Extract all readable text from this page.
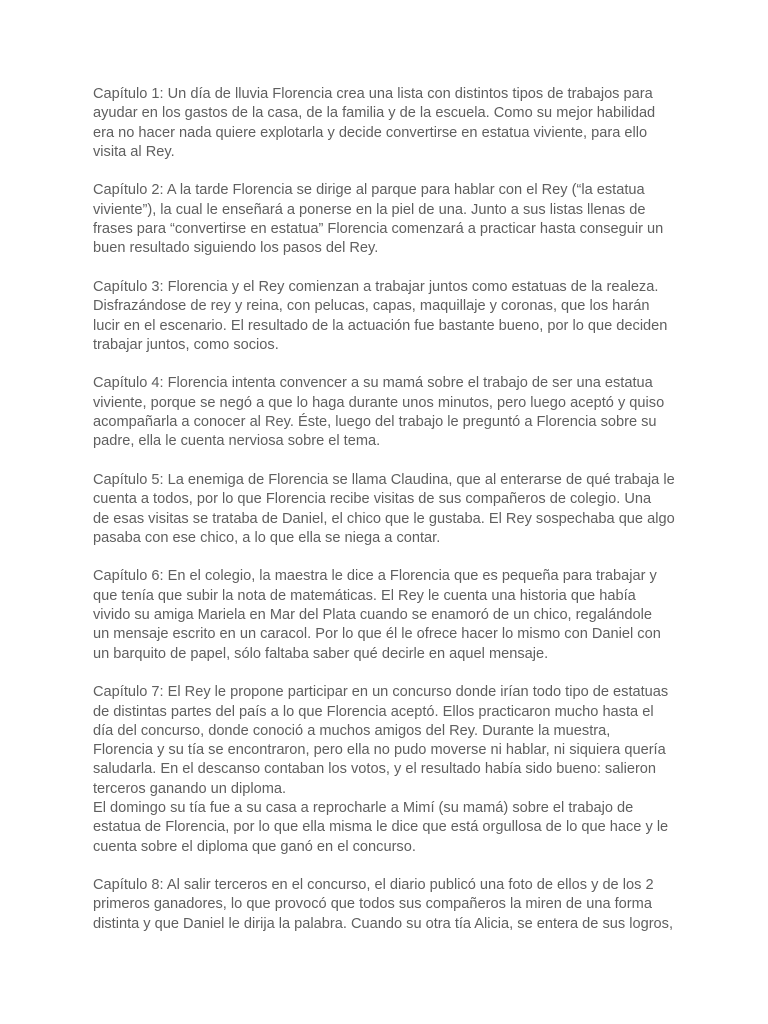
Capítulo 1: Un día de lluvia Florencia crea una lista con distintos tipos de trabajos para
ayudar en los gastos de la casa, de la familia y de la escuela. Como su mejor habilidad
era no hacer nada quiere explotarla y decide convertirse en estatua viviente, para ello
visita al Rey.

Capítulo 2: A la tarde Florencia se dirige al parque para hablar con el Rey (“la estatua
viviente”), la cual le enseñará a ponerse en la piel de una. Junto a sus listas llenas de
frases para “convertirse en estatua” Florencia comenzará a practicar hasta conseguir un
buen resultado siguiendo los pasos del Rey.

Capítulo 3: Florencia y el Rey comienzan a trabajar juntos como estatuas de la realeza.
Disfrazándose de rey y reina, con pelucas, capas, maquillaje y coronas, que los harán
lucir en el escenario. El resultado de la actuación fue bastante bueno, por lo que deciden
trabajar juntos, como socios.

Capítulo 4: Florencia intenta convencer a su mamá sobre el trabajo de ser una estatua
viviente, porque se negó a que lo haga durante unos minutos, pero luego aceptó y quiso
acompañarla a conocer al Rey. Éste, luego del trabajo le preguntó a Florencia sobre su
padre, ella le cuenta nerviosa sobre el tema.

Capítulo 5: La enemiga de Florencia se llama Claudina, que al enterarse de qué trabaja le
cuenta a todos, por lo que Florencia recibe visitas de sus compañeros de colegio. Una
de esas visitas se trataba de Daniel, el chico que le gustaba. El Rey sospechaba que algo
pasaba con ese chico, a lo que ella se niega a contar.

Capítulo 6: En el colegio, la maestra le dice a Florencia que es pequeña para trabajar y
que tenía que subir la nota de matemáticas. El Rey le cuenta una historia que había
vivido su amiga Mariela en Mar del Plata cuando se enamoró de un chico, regalándole
un mensaje escrito en un caracol. Por lo que él le ofrece hacer lo mismo con Daniel con
un barquito de papel, sólo faltaba saber qué decirle en aquel mensaje.

Capítulo 7: El Rey le propone participar en un concurso donde irían todo tipo de estatuas
de distintas partes del país a lo que Florencia aceptó. Ellos practicaron mucho hasta el
día del concurso, donde conoció a muchos amigos del Rey. Durante la muestra,
Florencia y su tía se encontraron, pero ella no pudo moverse ni hablar, ni siquiera quería
saludarla. En el descanso contaban los votos, y el resultado había sido bueno: salieron
terceros ganando un diploma.
El domingo su tía fue a su casa a reprocharle a Mimí (su mamá) sobre el trabajo de
estatua de Florencia, por lo que ella misma le dice que está orgullosa de lo que hace y le
cuenta sobre el diploma que ganó en el concurso.

Capítulo 8: Al salir terceros en el concurso, el diario publicó una foto de ellos y de los 2
primeros ganadores, lo que provocó que todos sus compañeros la miren de una forma
distinta y que Daniel le dirija la palabra. Cuando su otra tía Alicia, se entera de sus logros,
